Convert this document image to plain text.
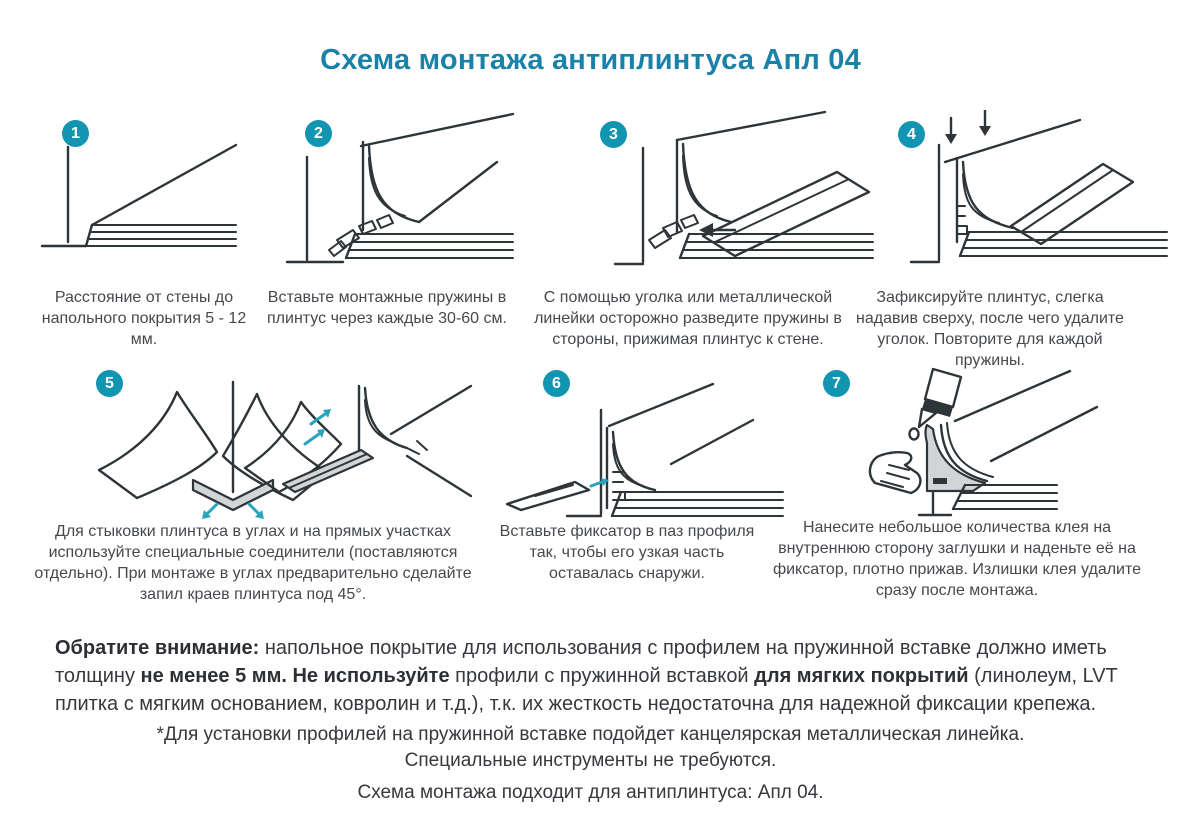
Схема монтажа антиплинтуса Апл 04
1
Расстояние от стены до напольного покрытия 5 - 12 мм.
2
Вставьте монтажные пружины в плинтус через каждые 30-60 см.
3
С помощью уголка или металлической линейки осторожно разведите пружины в стороны, прижимая плинтус к стене.
4
Зафиксируйте плинтус, слегка надавив сверху, после чего удалите уголок. Повторите для каждой пружины.
5
Для стыковки плинтуса в углах и на прямых участках используйте специальные соединители (поставляются отдельно). При монтаже в углах предварительно сделайте запил краев плинтуса под 45°.
6
Вставьте фиксатор в паз профиля так, чтобы его узкая часть оставалась снаружи.
7
Нанесите небольшое количества клея на внутреннюю сторону заглушки и наденьте её на фиксатор, плотно прижав. Излишки клея удалите сразу после монтажа.
Обратите внимание: напольное покрытие для использования с профилем на пружинной вставке должно иметь
толщину не менее 5 мм. Не используйте профили с пружинной вставкой для мягких покрытий (линолеум, LVT
плитка с мягким основанием, ковролин и т.д.), т.к. их жесткость недостаточна для надежной фиксации крепежа.
*Для установки профилей на пружинной вставке подойдет канцелярская металлическая линейка.
Специальные инструменты не требуются.
Схема монтажа подходит для антиплинтуса: Апл 04.
